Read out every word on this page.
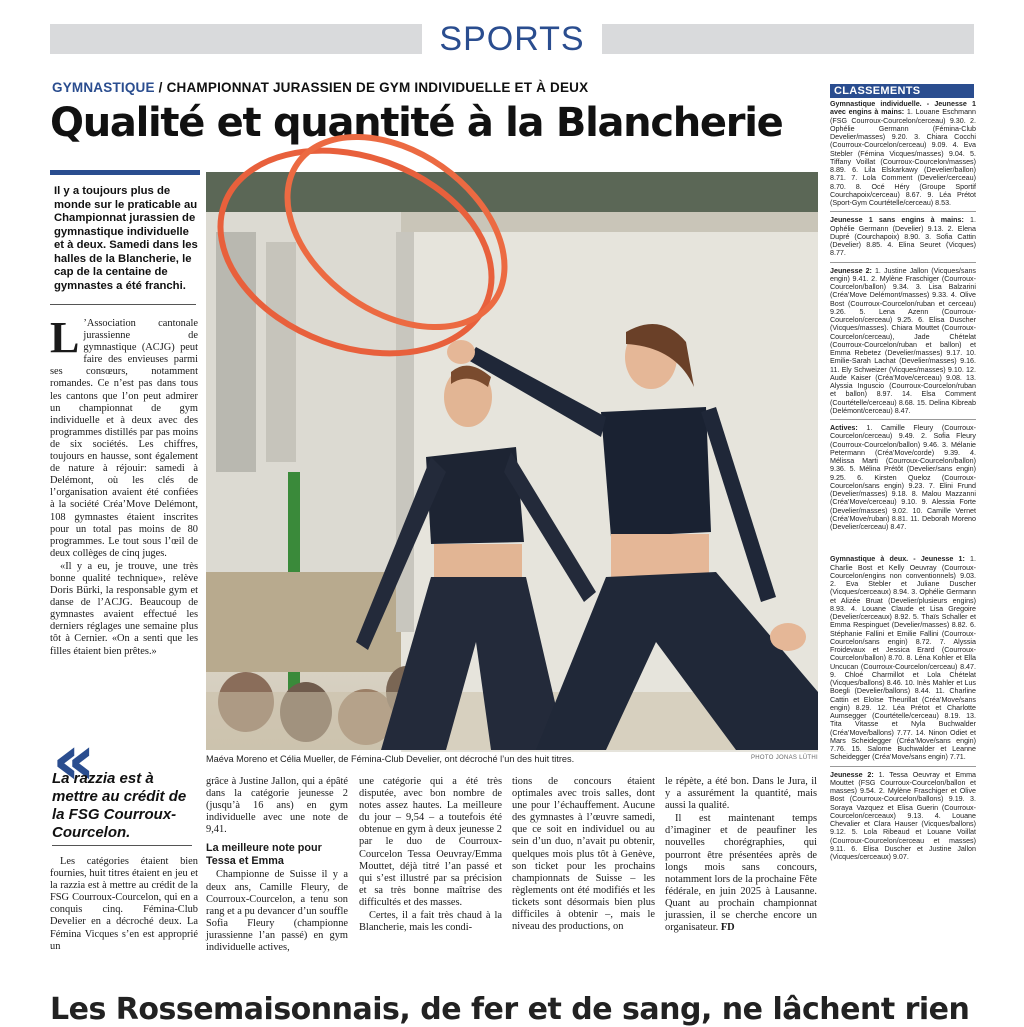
SPORTS
GYMNASTIQUE / CHAMPIONNAT JURASSIEN DE GYM INDIVIDUELLE ET À DEUX
Qualité et quantité à la Blancherie
Il y a toujours plus de monde sur le praticable au Championnat jurassien de gymnastique individuelle et à deux. Samedi dans les halles de la Blancherie, le cap de la centaine de gymnastes a été franchi.

L ’Association cantonale jurassienne de gymnastique (ACJG) peut faire des envieuses parmi ses consœurs, notamment romandes. Ce n’est pas dans tous les cantons que l’on peut admirer un championnat de gym individuelle et à deux avec des programmes distillés par pas moins de six sociétés. Les chiffres, toujours en hausse, sont également de nature à réjouir: samedi à Delémont, où les clés de l’organisation avaient été confiées à la société Créa’Move Delémont, 108 gymnastes étaient inscrites pour un total pas moins de 80 programmes. Le tout sous l’œil de deux collèges de cinq juges.

«Il y a eu, je trouve, une très bonne qualité technique», relève Doris Bürki, la responsable gym et danse de l’ACJG. Beaucoup de gymnastes avaient effectué les derniers réglages une semaine plus tôt à Cernier. «On a senti que les filles étaient bien prêtes.»

‹‹
La razzia est à mettre au crédit de la FSG Courroux-Courcelon.

Les catégories étaient bien fournies, huit titres étaient en jeu et la razzia est à mettre au crédit de la FSG Courroux-Courcelon, qui en a conquis cinq. Fémina-Club Develier en a décroché deux. La Fémina Vicques s’en est approprié un

Maéva Moreno et Célia Mueller, de Fémina-Club Develier, ont décroché l’un des huit titres.	PHOTO JONAS LÜTHI

grâce à Justine Jallon, qui a épâté dans la catégorie jeunesse 2 (jusqu’à 16 ans) en gym individuelle avec une note de 9,41.

La meilleure note pour Tessa et Emma

Championne de Suisse il y a deux ans, Camille Fleury, de Courroux-Courcelon, a tenu son rang et a pu devancer d’un souffle Sofia Fleury (championne jurassienne l’an passé) en gym individuelle actives,

une catégorie qui a été très disputée, avec bon nombre de notes assez hautes. La meilleure du jour – 9,54 – a toutefois été obtenue en gym à deux jeunesse 2 par le duo de Courroux-Courcelon Tessa Oeuvray/Emma Mouttet, déjà titré l’an passé et qui s’est illustré par sa précision et sa très bonne maîtrise des difficultés et des masses.

Certes, il a fait très chaud à la Blancherie, mais les condi-

tions de concours étaient optimales avec trois salles, dont une pour l’échauffement. Aucune des gymnastes à l’œuvre samedi, que ce soit en individuel ou au sein d’un duo, n’avait pu obtenir, quelques mois plus tôt à Genève, son ticket pour les prochains championnats de Suisse – les règlements ont été modifiés et les tickets sont désormais bien plus difficiles à obtenir –, mais le niveau des productions, on

le répète, a été bon. Dans le Jura, il y a assurément la quantité, mais aussi la qualité.

Il est maintenant temps d’imaginer et de peaufiner les nouvelles chorégraphies, qui pourront être présentées après de longs mois sans concours, notamment lors de la prochaine Fête fédérale, en juin 2025 à Lausanne. Quant au prochain championnat jurassien, il se cherche encore un organisateur. FD

CLASSEMENTS
Gymnastique individuelle. - Jeunesse 1 avec engins à mains: 1. Louane Eschmann (FSG Courroux-Courcelon/cerceau) 9.30. 2. Ophélie Germann (Fémina-Club Develier/masses) 9.20. 3. Chiara Cocchi (Courroux-Courcelon/cerceau) 9.09. 4. Eva Stebler (Fémina Vicques/masses) 9.04. 5. Tiffany Voillat (Courroux-Courcelon/masses) 8.89. 6. Lila Elskarkawy (Develier/ballon) 8.71. 7. Lola Comment (Develier/cerceau) 8.70. 8. Océ Héry (Groupe Sportif Courchapoix/cerceau) 8.67. 9. Léa Prétot (Sport-Gym Courtételle/cerceau) 8.53.
Jeunesse 1 sans engins à mains: 1. Ophélie Germann (Develier) 9.13. 2. Elena Dupré (Courchapoix) 8.90. 3. Sofia Cattin (Develier) 8.85. 4. Elina Seuret (Vicques) 8.77.
Jeunesse 2: 1. Justine Jallon (Vicques/sans engin) 9.41. 2. Mylène Fraschiger (Courroux-Courcelon/ballon) 9.34. 3. Lisa Balzarini (Créa’Move Delémont/masses) 9.33. 4. Olive Bost (Courroux-Courcelon/ruban et cerceau) 9.26. 5. Lena Azenn (Courroux-Courcelon/cerceau) 9.25. 6. Elisa Duscher (Vicques/masses). Chiara Mouttet (Courroux-Courcelon/cerceau), Jade Chételat (Courroux-Courcelon/ruban et ballon) et Emma Rebetez (Develier/masses) 9.17. 10. Emilie-Sarah Lachat (Develier/masses) 9.16. 11. Ely Schweizer (Vicques/masses) 9.10. 12. Aude Kaiser (Créa’Move/cerceau) 9.08. 13. Alyssia Inguscio (Courroux-Courcelon/ruban et ballon) 8.97. 14. Elsa Comment (Courtételle/cerceau) 8.68. 15. Delina Kibreab (Delémont/cerceau) 8.47.
Actives: 1. Camille Fleury (Courroux-Courcelon/cerceau) 9.49. 2. Sofia Fleury (Courroux-Courcelon/ballon) 9.46. 3. Mélanie Petermann (Créa’Move/corde) 9.39. 4. Mélissa Marti (Courroux-Courcelon/ballon) 9.36. 5. Mélina Prétôt (Develier/sans engin) 9.25. 6. Kirsten Queloz (Courroux-Courcelon/sans engin) 9.23. 7. Elini Frund (Develier/masses) 9.18. 8. Malou Mazzanni (Créa’Move/cerceau) 9.10. 9. Alessia Forte (Develier/masses) 9.02. 10. Camille Vernet (Créa’Move/ruban) 8.81. 11. Deborah Moreno (Develier/cerceau) 8.47.
Gymnastique à deux. - Jeunesse 1: 1. Charlie Bost et Kelly Oeuvray (Courroux-Courcelon/engins non conventionnels) 9.03. 2. Eva Stebler et Juliane Duscher (Vicques/cerceaux) 8.94. 3. Ophélie Germann et Alizée Bruat (Develier/plusieurs engins) 8.93. 4. Louane Claude et Lisa Gregoire (Develier/cerceaux) 8.92. 5. Thaïs Schaller et Emma Respinguet (Develier/masses) 8.82. 6. Stéphanie Fallini et Emilie Fallini (Courroux-Courcelon/sans engin) 8.72. 7. Alyssia Froidevaux et Jessica Erard (Courroux-Courcelon/ballon) 8.70. 8. Léna Kohler et Ella Uncucan (Courroux-Courcelon/cerceau) 8.47. 9. Chloé Charmillot et Lola Chételat (Vicques/ballons) 8.46. 10. Inès Mahler et Lus Boegli (Develier/ballons) 8.44. 11. Charline Cattin et Eloïse Theurillat (Créa’Move/sans engin) 8.29. 12. Léa Prétot et Charlotte Aumsegger (Courtételle/cerceau) 8.19. 13. Tita Vitasse et Nyla Buchwalder (Créa’Move/ballons) 7.77. 14. Ninon Odiet et Mars Scheidegger (Créa’Move/sans engin) 7.76. 15. Salome Buchwalder et Leanne Scheidegger (Créa’Move/sans engin) 7.71.
Jeunesse 2: 1. Tessa Oeuvray et Emma Mouttet (FSG Courroux-Courcelon/ballon et masses) 9.54. 2. Mylène Fraschiger et Olive Bost (Courroux-Courcelon/ballons) 9.19. 3. Soraya Vazquez et Elisa Guerin (Courroux-Courcelon/cerceaux) 9.13. 4. Louane Chevalier et Clara Hauser (Vicques/ballons) 9.12. 5. Lola Ribeaud et Louane Voillat (Courroux-Courcelon/cerceau et masses) 9.11. 6. Elisa Duscher et Justine Jallon (Vicques/cerceaux) 9.07.
Les Rossemaisonnais, de fer et de sang, ne lâchent rien
